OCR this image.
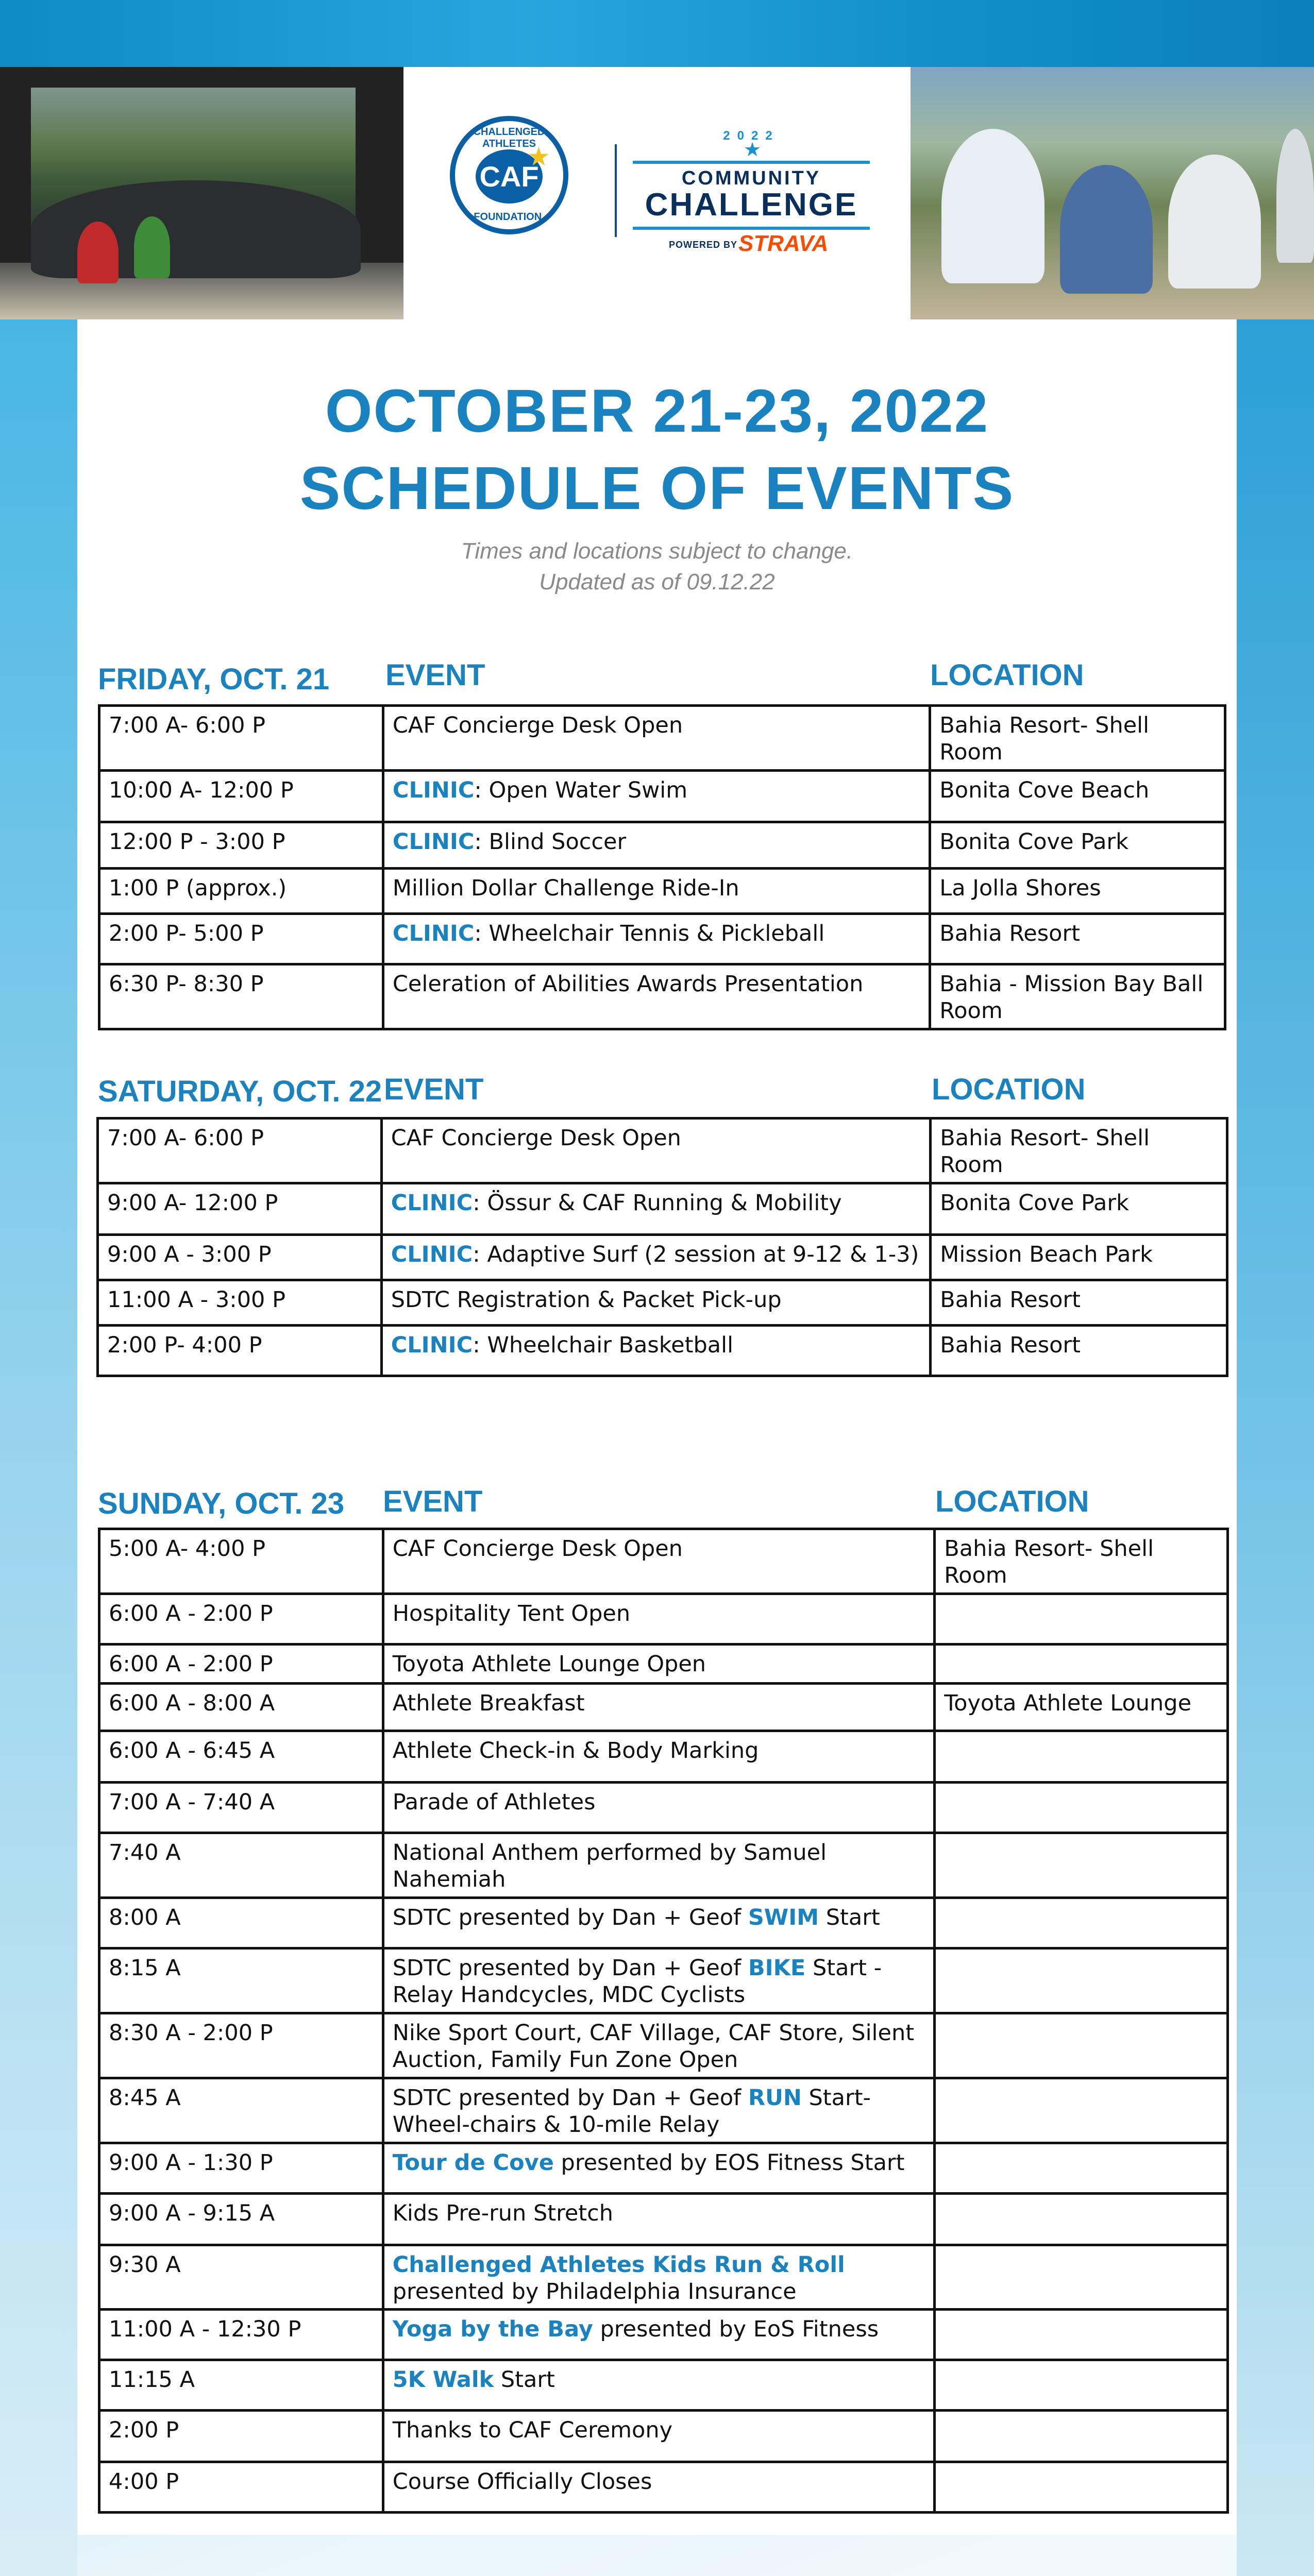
CHALLENGED ATHLETES
CAF
FOUNDATION.
★
2022
★
COMMUNITY
CHALLENGE
POWERED BY STRAVA
OCTOBER 21-23, 2022
SCHEDULE OF EVENTS
Times and locations subject to change.
Updated as of 09.12.22
FRIDAY, OCT. 21 EVENT	LOCATION
7:00 A- 6:00 P	CAF Concierge Desk Open	Bahia Resort- Shell Room
10:00 A- 12:00 P	CLINIC: Open Water Swim	Bonita Cove Beach
12:00 P - 3:00 P	CLINIC: Blind Soccer	Bonita Cove Park
1:00 P (approx.)	Million Dollar Challenge Ride-In	La Jolla Shores
2:00 P- 5:00 P	CLINIC: Wheelchair Tennis & Pickleball	Bahia Resort
6:30 P- 8:30 P	Celeration of Abilities Awards Presentation	Bahia - Mission Bay Ball Room
SATURDAY, OCT. 22 EVENT	LOCATION
7:00 A- 6:00 P	CAF Concierge Desk Open	Bahia Resort- Shell Room
9:00 A- 12:00 P	CLINIC: Össur & CAF Running & Mobility	Bonita Cove Park
9:00 A - 3:00 P	CLINIC: Adaptive Surf (2 session at 9-12 & 1-3)	Mission Beach Park
11:00 A - 3:00 P	SDTC Registration & Packet Pick-up	Bahia Resort
2:00 P- 4:00 P	CLINIC: Wheelchair Basketball	Bahia Resort
SUNDAY, OCT. 23 EVENT	LOCATION
5:00 A- 4:00 P	CAF Concierge Desk Open	Bahia Resort- Shell Room
6:00 A - 2:00 P	Hospitality Tent Open	
6:00 A - 2:00 P	Toyota Athlete Lounge Open	
6:00 A - 8:00 A	Athlete Breakfast	Toyota Athlete Lounge
6:00 A - 6:45 A	Athlete Check-in & Body Marking	
7:00 A - 7:40 A	Parade of Athletes	
7:40 A	National Anthem performed by Samuel Nahemiah	
8:00 A	SDTC presented by Dan + Geof SWIM Start	
8:15 A	SDTC presented by Dan + Geof BIKE Start - Relay Handcycles, MDC Cyclists	
8:30 A - 2:00 P	Nike Sport Court, CAF Village, CAF Store, Silent Auction, Family Fun Zone Open	
8:45 A	SDTC presented by Dan + Geof RUN Start- Wheel-chairs & 10-mile Relay	
9:00 A - 1:30 P	Tour de Cove presented by EOS Fitness Start	
9:00 A - 9:15 A	Kids Pre-run Stretch	
9:30 A	Challenged Athletes Kids Run & Roll presented by Philadelphia Insurance	
11:00 A - 12:30 P	Yoga by the Bay presented by EoS Fitness	
11:15 A	5K Walk Start	
2:00 P	Thanks to CAF Ceremony	
4:00 P	Course Officially Closes	
